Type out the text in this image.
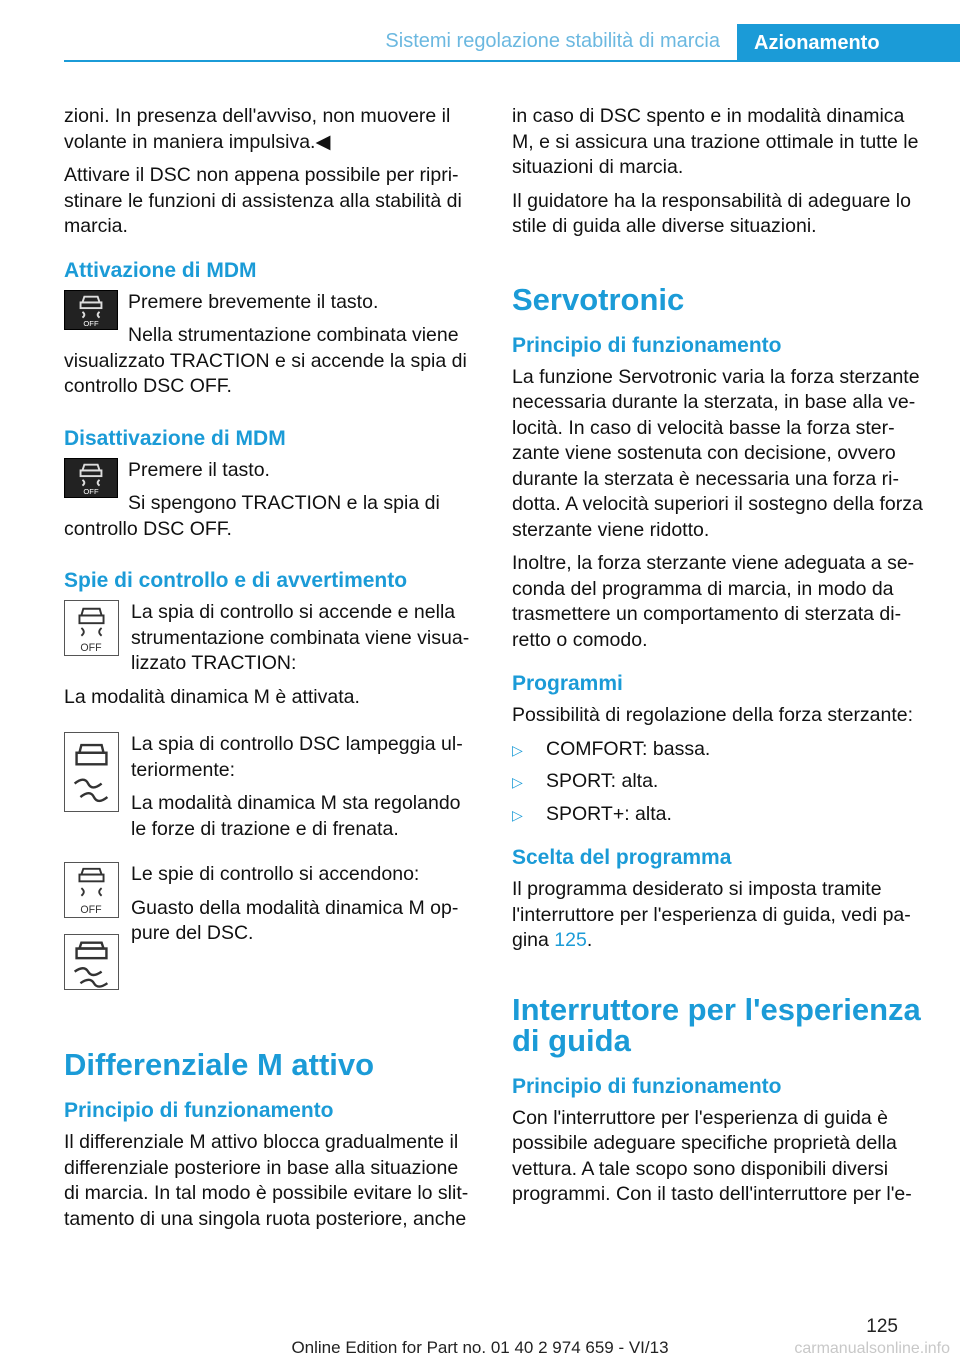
Sistemi regolazione stabilità di marcia	Azionamento

zioni. In presenza dell'avviso, non muovere il volante in maniera impulsiva.◀

Attivare il DSC non appena possibile per ripristinare le funzioni di assistenza alla stabilità di marcia.

Attivazione di MDM
OFF

Premere brevemente il tasto.

Nella strumentazione combinata viene visualizzato TRACTION e si accende la spia di controllo DSC OFF.

Disattivazione di MDM
OFF

Premere il tasto.

Si spengono TRACTION e la spia di controllo DSC OFF.

Spie di controllo e di avvertimento
OFF

La spia di controllo si accende e nella strumentazione combinata viene visualizzato TRACTION:

La modalità dinamica M è attivata.

La spia di controllo DSC lampeggia ulteriormente:

La modalità dinamica M sta regolando le forze di trazione e di frenata.

OFF

Le spie di controllo si accendono:

Guasto della modalità dinamica M oppure del DSC.

Differenziale M attivo
Principio di funzionamento

Il differenziale M attivo blocca gradualmente il differenziale posteriore in base alla situazione di marcia. In tal modo è possibile evitare lo slittamento di una singola ruota posteriore, anche

in caso di DSC spento e in modalità dinamica M, e si assicura una trazione ottimale in tutte le situazioni di marcia.

Il guidatore ha la responsabilità di adeguare lo stile di guida alle diverse situazioni.

Servotronic
Principio di funzionamento

La funzione Servotronic varia la forza sterzante necessaria durante la sterzata, in base alla velocità. In caso di velocità basse la forza sterzante viene sostenuta con decisione, ovvero durante la sterzata è necessaria una forza ridotta. A velocità superiori il sostegno della forza sterzante viene ridotto.

Inoltre, la forza sterzante viene adeguata a seconda del programma di marcia, in modo da trasmettere un comportamento di sterzata diretto o comodo.

Programmi

Possibilità di regolazione della forza sterzante:

▷ COMFORT: bassa.
▷ SPORT: alta.
▷ SPORT+: alta.
Scelta del programma

Il programma desiderato si imposta tramite l'interruttore per l'esperienza di guida, vedi pagina 125.

Interruttore per l'esperienza di guida
Principio di funzionamento

Con l'interruttore per l'esperienza di guida è possibile adeguare specifiche proprietà della vettura. A tale scopo sono disponibili diversi programmi. Con il tasto dell'interruttore per l'e-

125
Online Edition for Part no. 01 40 2 974 659 - VI/13	carmanualsonline.info
